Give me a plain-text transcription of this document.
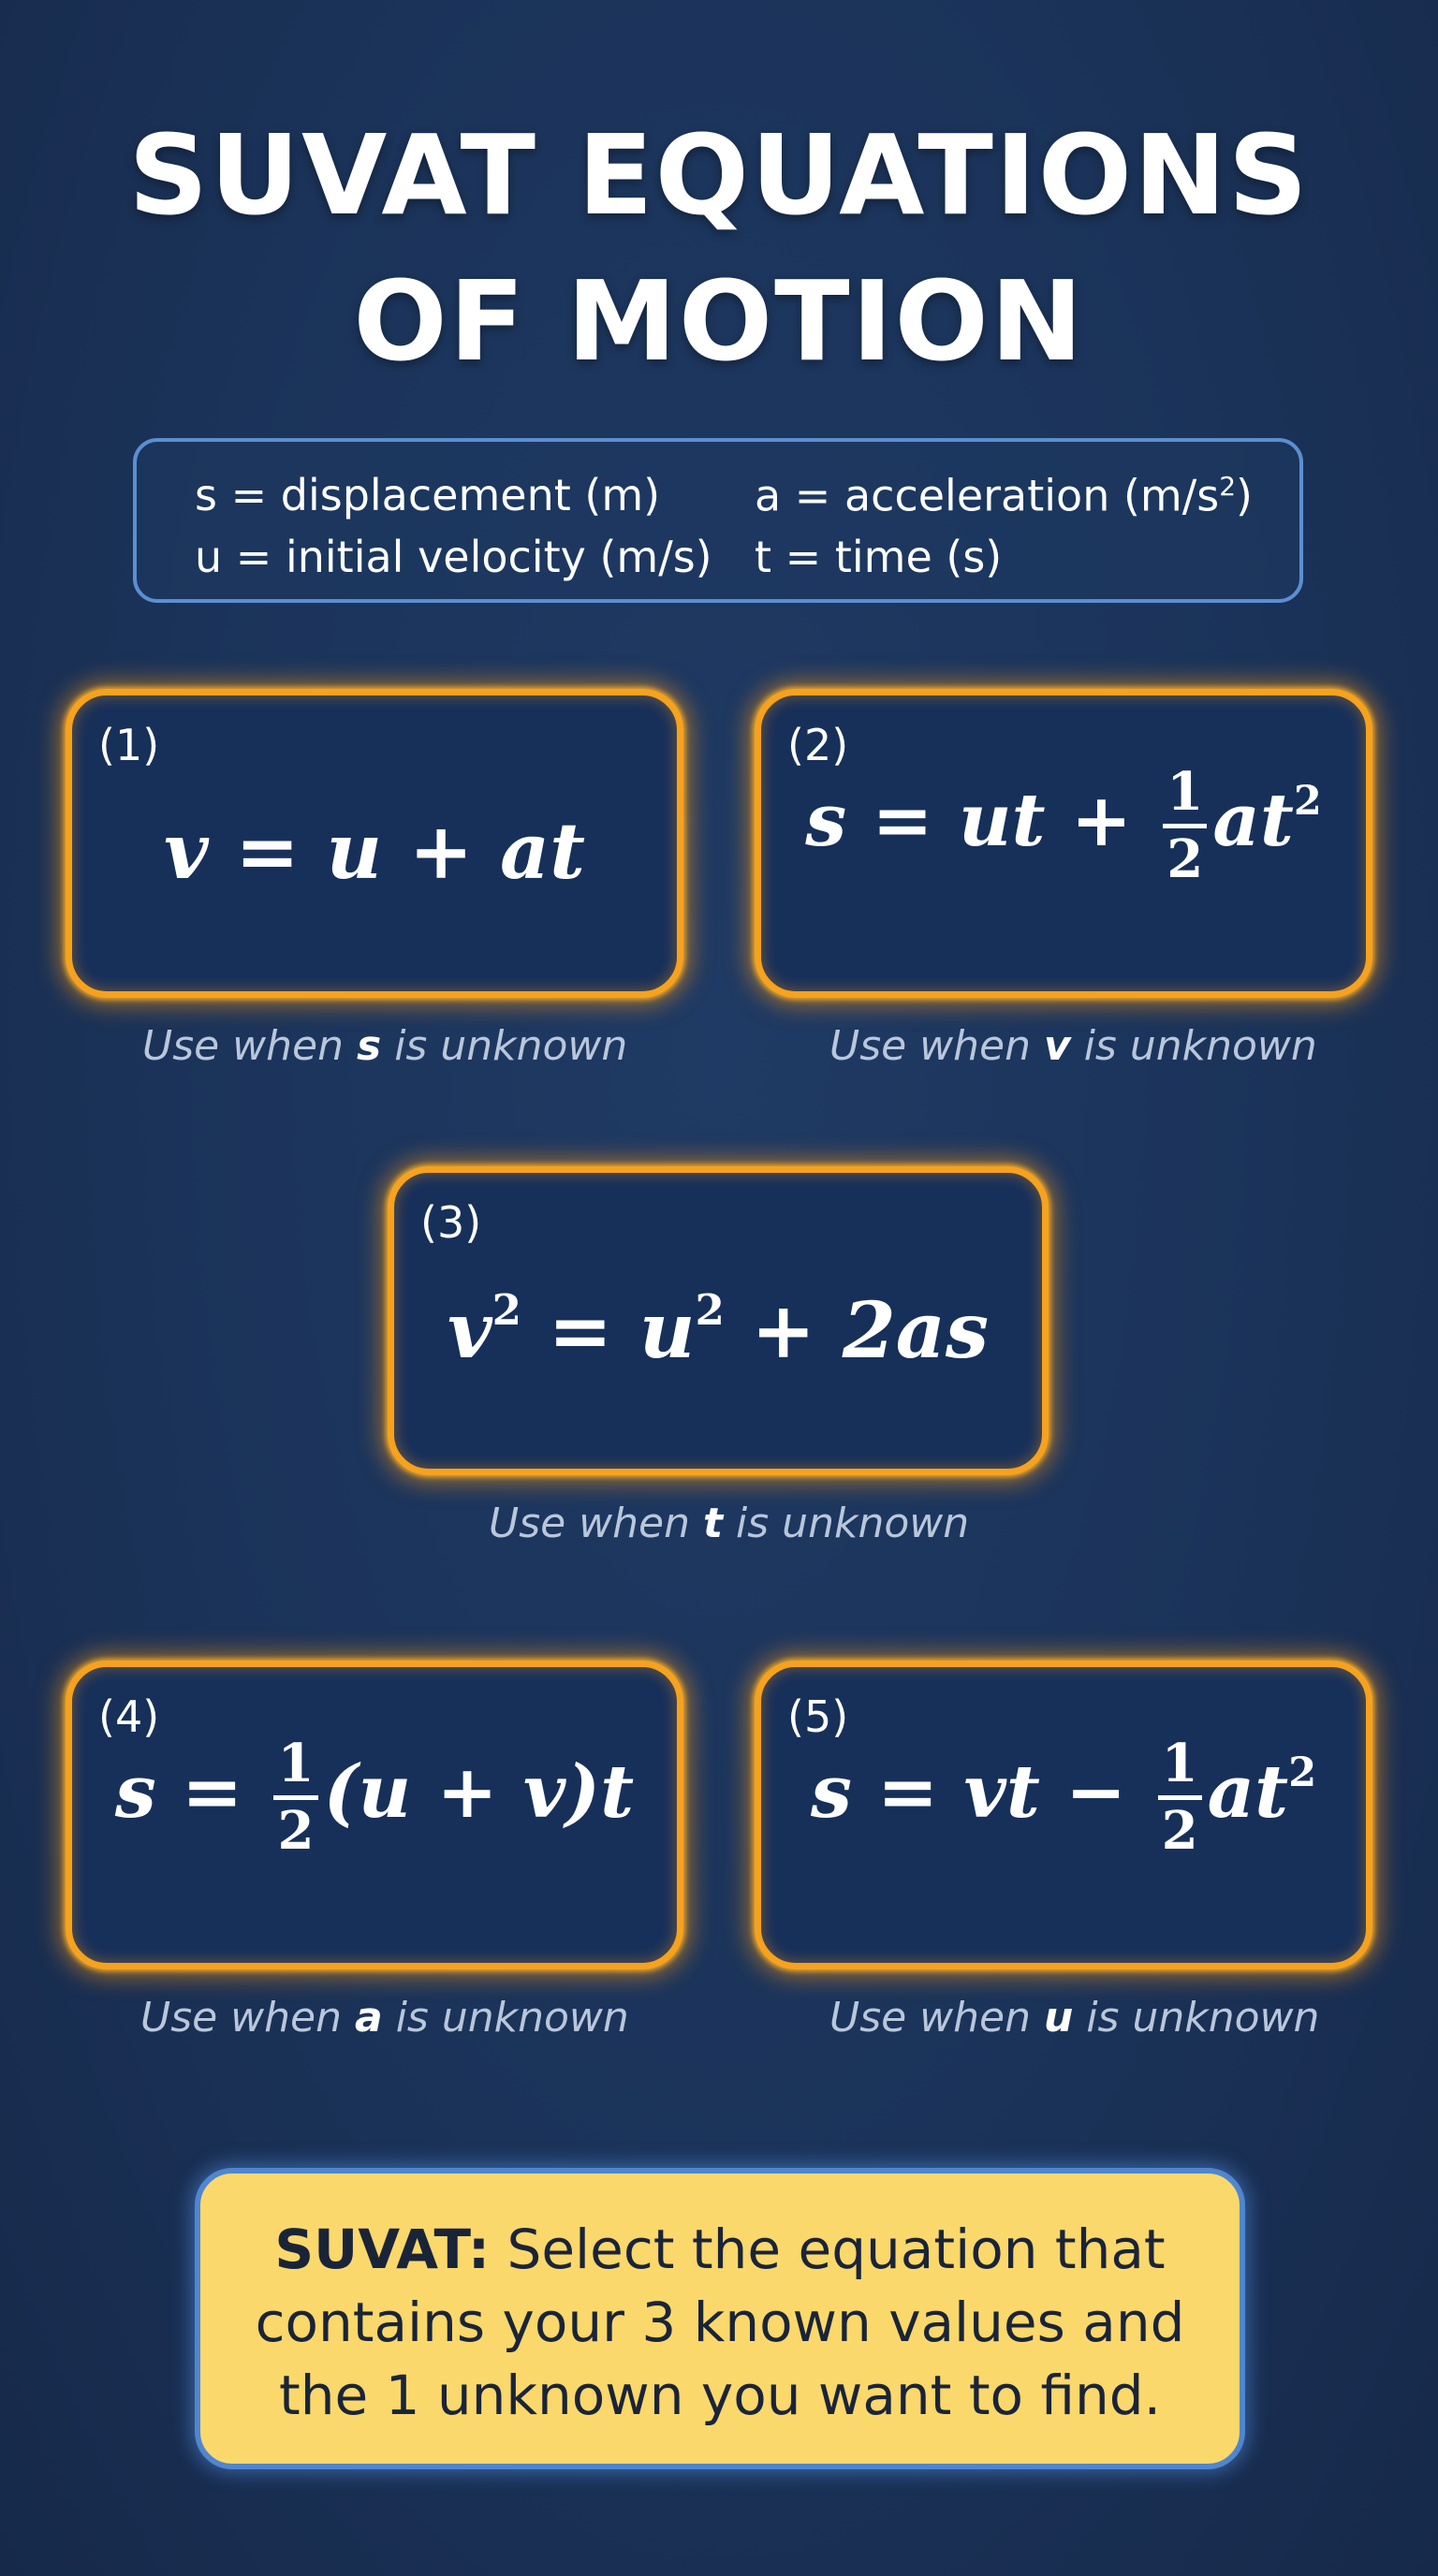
SUVAT EQUATIONS
OF MOTION
s = displacement (m)
u = initial velocity (m/s)
a = acceleration $(m/s^2)$
t = time (s)
(1)
v = u + at
Use when s is unknown
(2)
s = ut + $\frac{1}{2} at^2$
Use when v is unknown
(3)
$v^2 = u^2 + 2as$
Use when t is unknown
(4)
$s = \frac{1}{2} (u + v)t$
Use when a is unknown
(5)
s = vt − $\frac{1}{2} at^2$
Use when u is unknown
SUVAT: Select the equation that contains your 3 known values and the 1 unknown you want to find.
